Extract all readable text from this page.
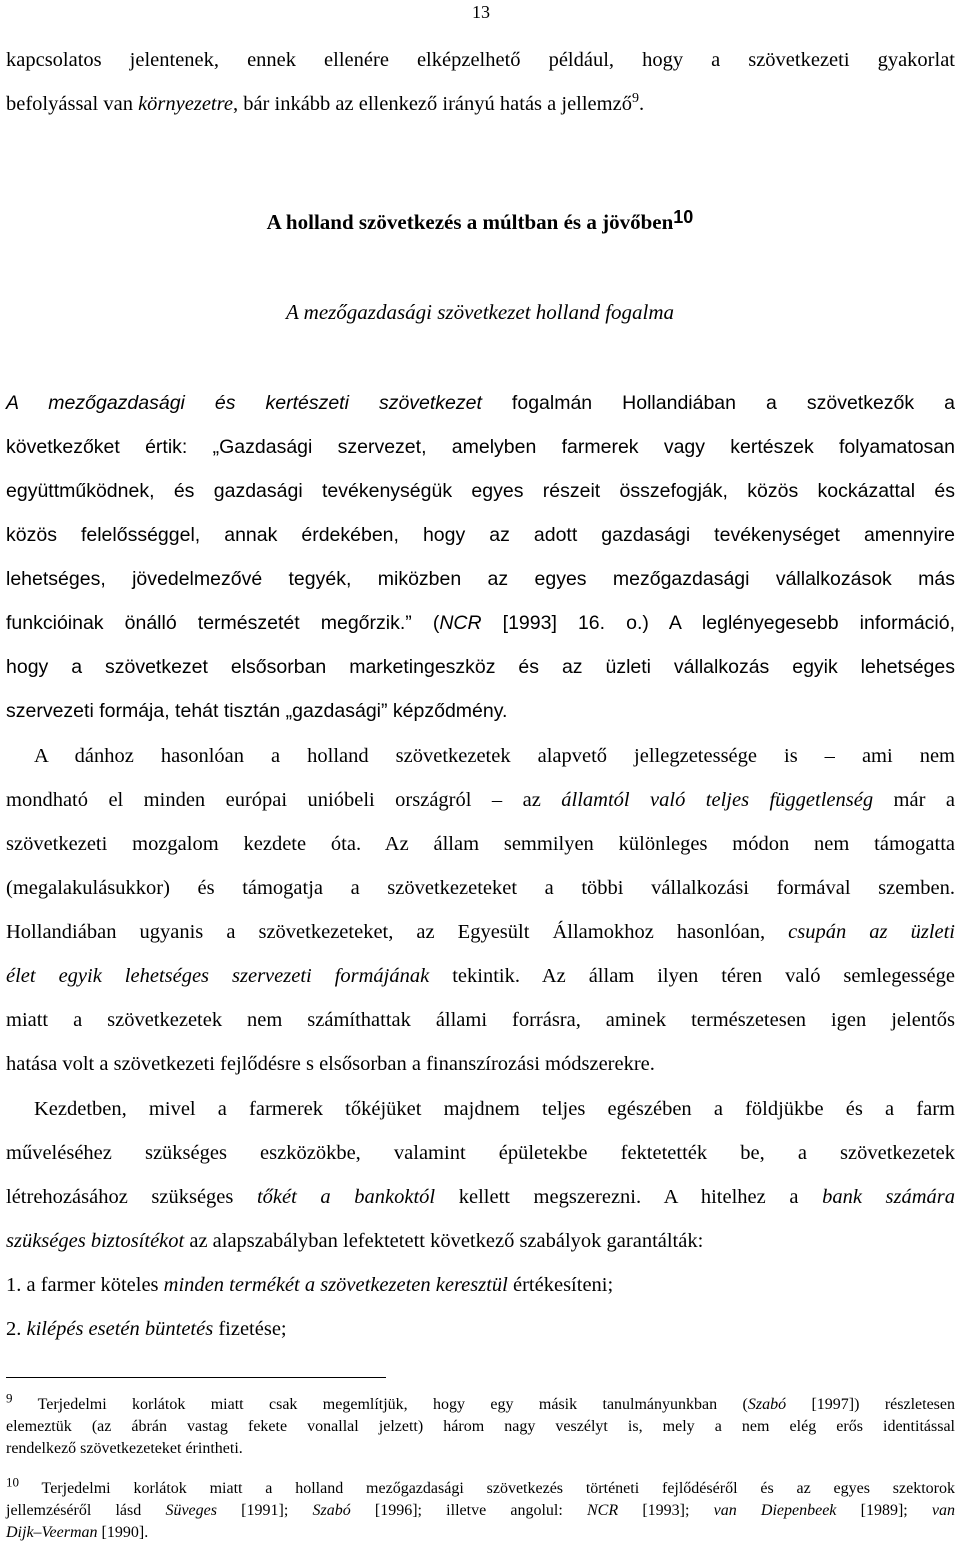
13
kapcsolatos jelentenek, ennek ellenére elképzelhető például, hogy a szövetkezeti gyakorlat
befolyással van környezetre, bár inkább az ellenkező irányú hatás a jellemző$^9$.
A holland szövetkezés a múltban és a jövőben10
A mezőgazdasági szövetkezet holland fogalma
A mezőgazdasági és kertészeti szövetkezet fogalmán Hollandiában a szövetkezők a
következőket értik: „Gazdasági szervezet, amelyben farmerek vagy kertészek folyamatosan
együttműködnek, és gazdasági tevékenységük egyes részeit összefogják, közös kockázattal és
közös felelősséggel, annak érdekében, hogy az adott gazdasági tevékenységet amennyire
lehetséges, jövedelmezővé tegyék, miközben az egyes mezőgazdasági vállalkozások más
funkcióinak önálló természetét megőrzik.” (NCR [1993] 16. o.) A leglényegesebb információ,
hogy a szövetkezet elsősorban marketingeszköz és az üzleti vállalkozás egyik lehetséges
szervezeti formája, tehát tisztán „gazdasági” képződmény.
A dánhoz hasonlóan a holland szövetkezetek alapvető jellegzetessége is – ami nem
mondható el minden európai unióbeli országról – az államtól való teljes függetlenség már a
szövetkezeti mozgalom kezdete óta. Az állam semmilyen különleges módon nem támogatta
(megalakulásukkor) és támogatja a szövetkezeteket a többi vállalkozási formával szemben.
Hollandiában ugyanis a szövetkezeteket, az Egyesült Államokhoz hasonlóan, csupán az üzleti
élet egyik lehetséges szervezeti formájának tekintik. Az állam ilyen téren való semlegessége
miatt a szövetkezetek nem számíthattak állami forrásra, aminek természetesen igen jelentős
hatása volt a szövetkezeti fejlődésre s elsősorban a finanszírozási módszerekre.
Kezdetben, mivel a farmerek tőkéjüket majdnem teljes egészében a földjükbe és a farm
műveléséhez szükséges eszközökbe, valamint épületekbe fektetették be, a szövetkezetek
létrehozásához szükséges tőkét a bankoktól kellett megszerezni. A hitelhez a bank számára
szükséges biztosítékot az alapszabályban lefektetett következő szabályok garantálták:
1. a farmer köteles minden termékét a szövetkezeten keresztül értékesíteni;
2. kilépés esetén büntetés fizetése;
$^9$ Terjedelmi korlátok miatt csak megemlítjük, hogy egy másik tanulmányunkban (Szabó [1997]) részletesen
elemeztük (az ábrán vastag fekete vonallal jelzett) három nagy veszélyt is, mely a nem elég erős identitással
rendelkező szövetkezeteket érintheti.
$^{10}$ Terjedelmi korlátok miatt a holland mezőgazdasági szövetkezés történeti fejlődéséről és az egyes szektorok
jellemzéséről lásd Süveges [1991]; Szabó [1996]; illetve angolul: NCR [1993]; van Diepenbeek [1989]; van
Dijk–Veerman [1990].
